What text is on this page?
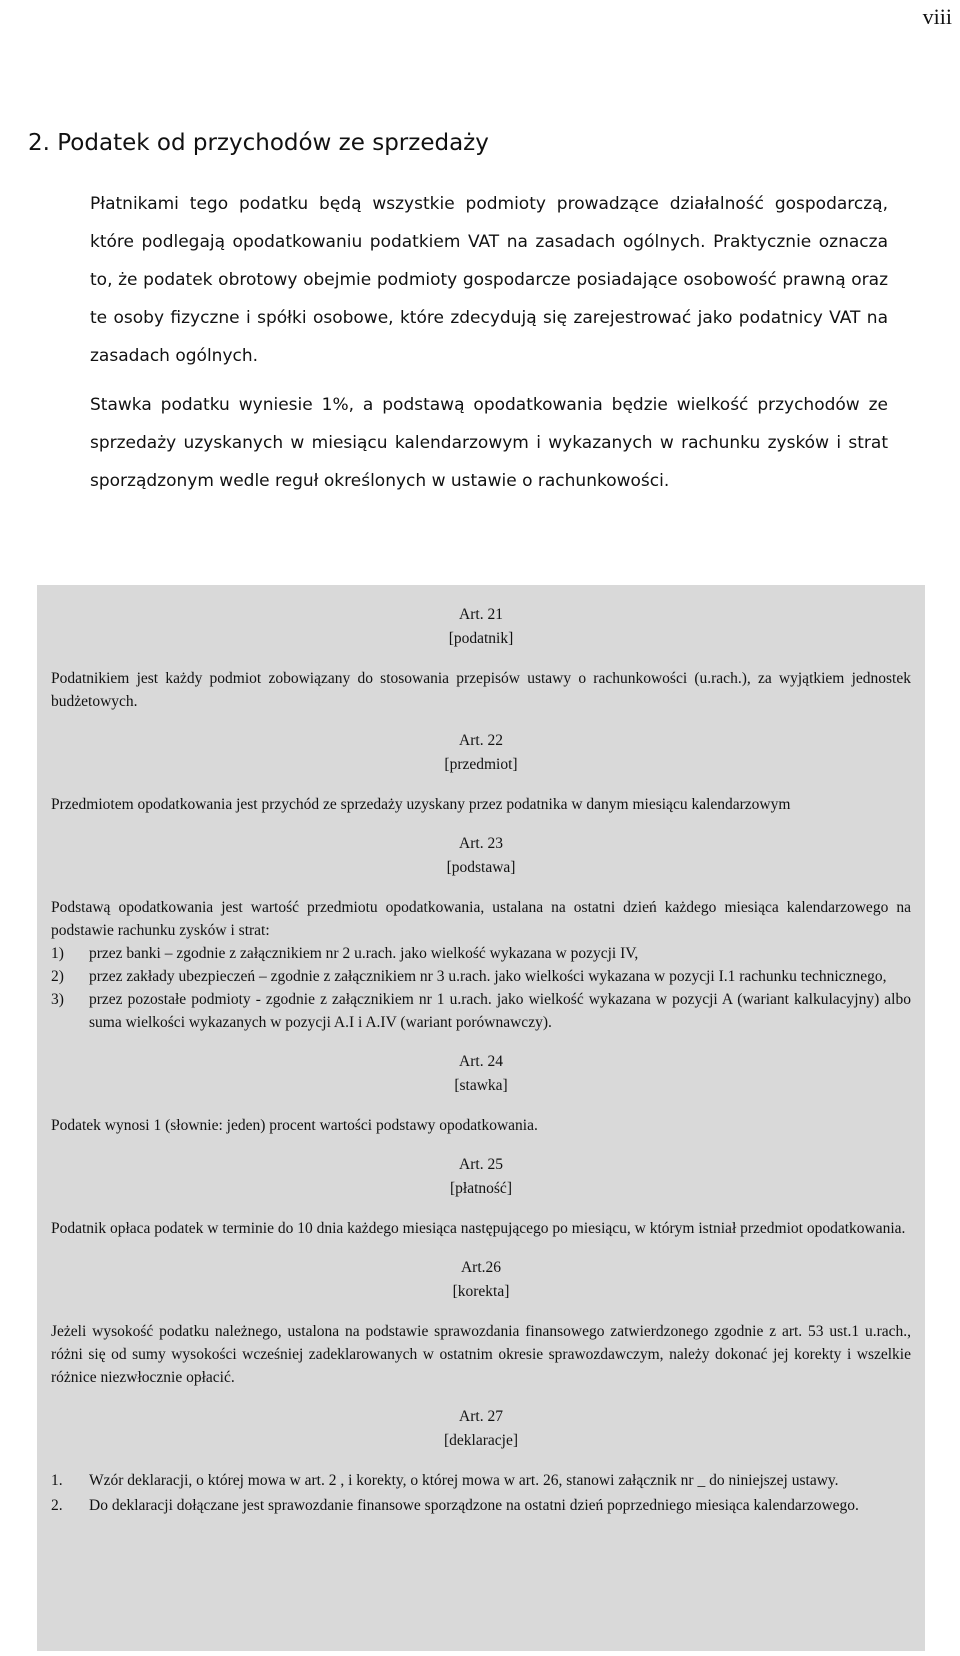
viii
2. Podatek od przychodów ze sprzedaży

Płatnikami tego podatku będą wszystkie podmioty prowadzące działalność gospodarczą, które podlegają opodatkowaniu podatkiem VAT na zasadach ogólnych. Praktycznie oznacza to, że podatek obrotowy obejmie podmioty gospodarcze posiadające osobowość prawną oraz te osoby fizyczne i spółki osobowe, które zdecydują się zarejestrować jako podatnicy VAT na zasadach ogólnych.

Stawka podatku wyniesie 1%, a podstawą opodatkowania będzie wielkość przychodów ze sprzedaży uzyskanych w miesiącu kalendarzowym i wykazanych w rachunku zysków i strat sporządzonym wedle reguł określonych w ustawie o rachunkowości.

Art. 21
[podatnik]

Podatnikiem jest każdy podmiot zobowiązany do stosowania przepisów ustawy o rachunkowości (u.rach.), za wyjątkiem jednostek budżetowych.

Art. 22
[przedmiot]

Przedmiotem opodatkowania jest przychód ze sprzedaży uzyskany przez podatnika w danym miesiącu kalendarzowym

Art. 23
[podstawa]

Podstawą opodatkowania jest wartość przedmiotu opodatkowania, ustalana na ostatni dzień każdego miesiąca kalendarzowego na podstawie rachunku zysków i strat:

1)	przez banki – zgodnie z załącznikiem nr 2 u.rach. jako wielkość wykazana w pozycji IV,
2)	przez zakłady ubezpieczeń – zgodnie z załącznikiem nr 3 u.rach. jako wielkości wykazana w pozycji I.1 rachunku technicznego,
3)	przez pozostałe podmioty - zgodnie z załącznikiem nr 1 u.rach. jako wielkość wykazana w pozycji A (wariant kalkulacyjny) albo suma wielkości wykazanych w pozycji A.I i A.IV (wariant porównawczy).
Art. 24
[stawka]

Podatek wynosi 1 (słownie: jeden) procent wartości podstawy opodatkowania.

Art. 25
[płatność]

Podatnik opłaca podatek w terminie do 10 dnia każdego miesiąca następującego po miesiącu, w którym istniał przedmiot opodatkowania.

Art.26
[korekta]

Jeżeli wysokość podatku należnego, ustalona na podstawie sprawozdania finansowego zatwierdzonego zgodnie z art. 53 ust.1 u.rach., różni się od sumy wysokości wcześniej zadeklarowanych w ostatnim okresie sprawozdawczym, należy dokonać jej korekty i wszelkie różnice niezwłocznie opłacić.

Art. 27
[deklaracje]
1.	Wzór deklaracji, o której mowa w art. 2 , i korekty, o której mowa w art. 26, stanowi załącznik nr _ do niniejszej ustawy.
2.	Do deklaracji dołączane jest sprawozdanie finansowe sporządzone na ostatni dzień poprzedniego miesiąca kalendarzowego.
